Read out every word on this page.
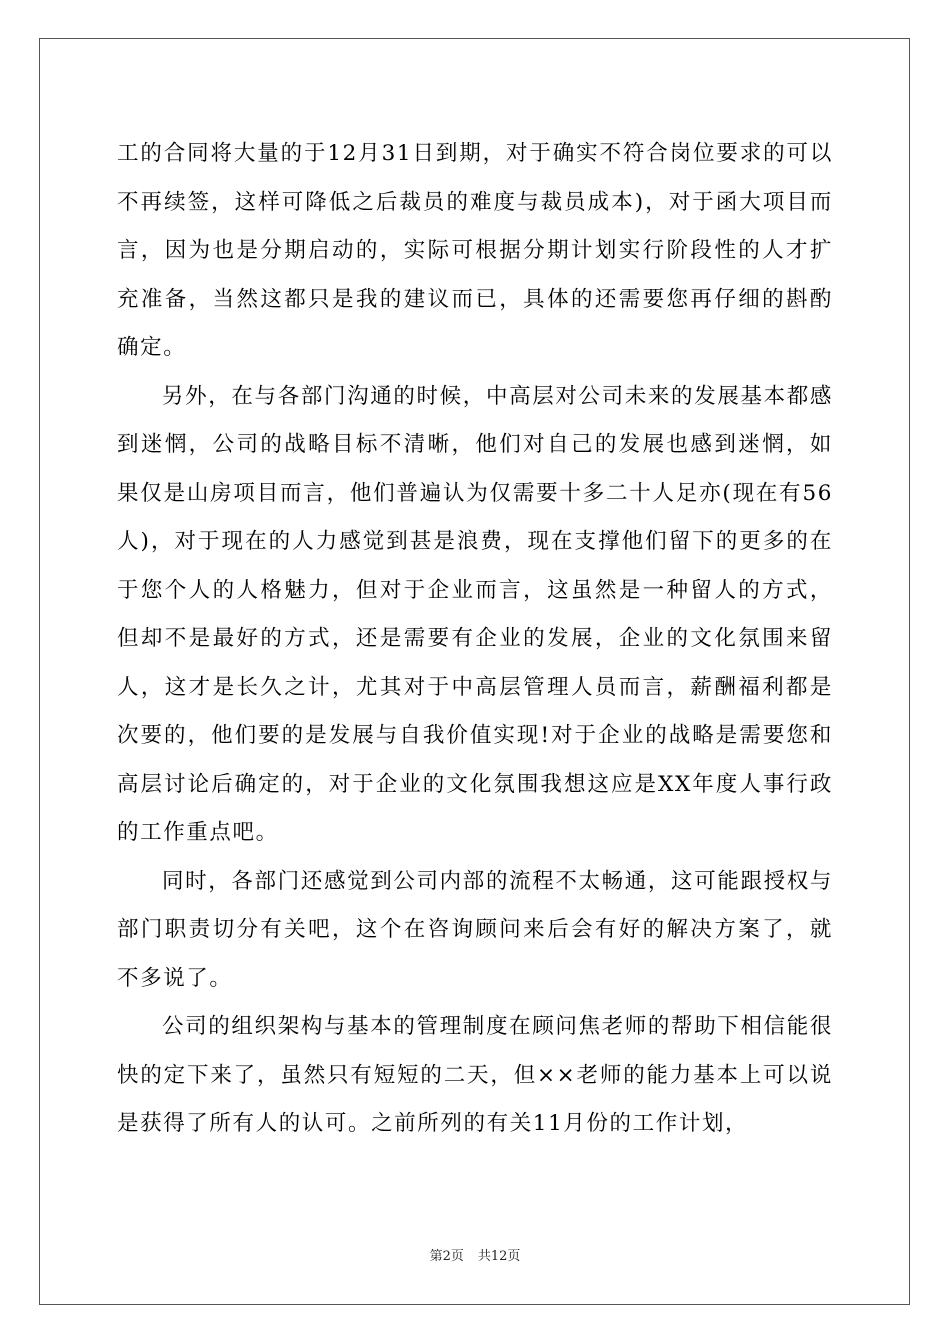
工的合同将大量的于12月31日到期，对于确实不符合岗位要求的可以不再续签，这样可降低之后裁员的难度与裁员成本)，对于函大项目而言，因为也是分期启动的，实际可根据分期计划实行阶段性的人才扩充准备，当然这都只是我的建议而已，具体的还需要您再仔细的斟酌确定。

另外，在与各部门沟通的时候，中高层对公司未来的发展基本都感到迷惘，公司的战略目标不清晰，他们对自己的发展也感到迷惘，如果仅是山房项目而言，他们普遍认为仅需要十多二十人足亦(现在有56人)，对于现在的人力感觉到甚是浪费，现在支撑他们留下的更多的在于您个人的人格魅力，但对于企业而言，这虽然是一种留人的方式，但却不是最好的方式，还是需要有企业的发展，企业的文化氛围来留人，这才是长久之计，尤其对于中高层管理人员而言，薪酬福利都是次要的，他们要的是发展与自我价值实现!对于企业的战略是需要您和高层讨论后确定的，对于企业的文化氛围我想这应是XX年度人事行政的工作重点吧。

同时，各部门还感觉到公司内部的流程不太畅通，这可能跟授权与部门职责切分有关吧，这个在咨询顾问来后会有好的解决方案了，就不多说了。

公司的组织架构与基本的管理制度在顾问焦老师的帮助下相信能很快的定下来了，虽然只有短短的二天，但××老师的能力基本上可以说是获得了所有人的认可。之前所列的有关11月份的工作计划，

第2页 共12页
